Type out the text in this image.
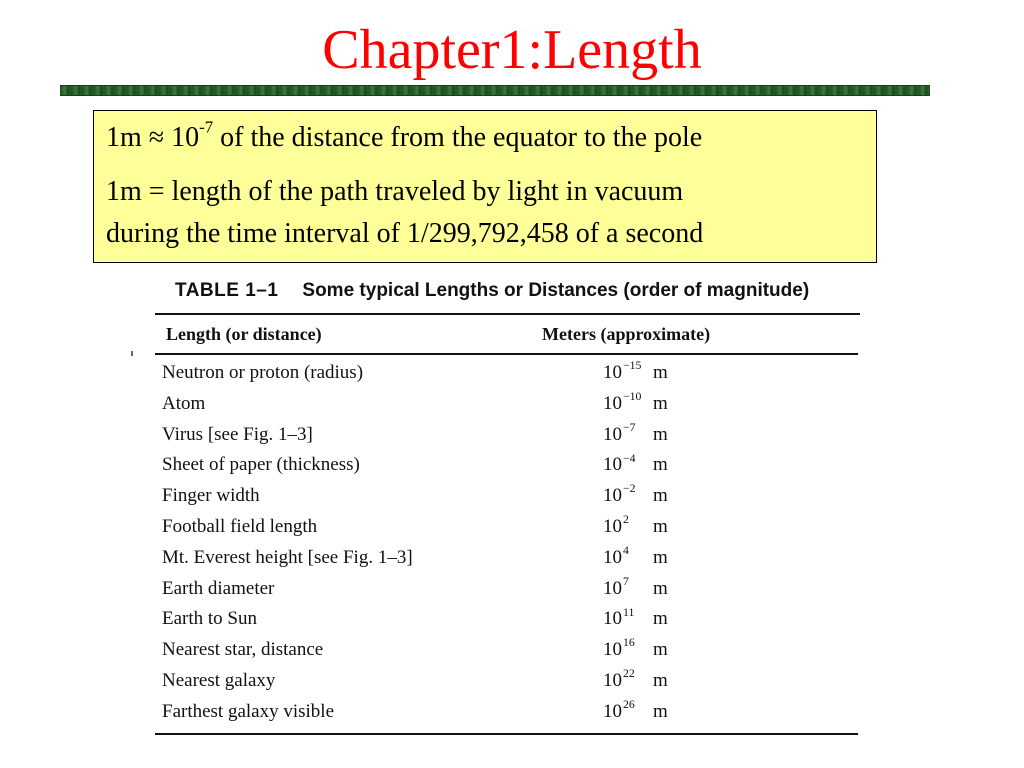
Chapter1:Length

$1m \approx 10^{-7}$ of the distance from the equator to the pole

1m = length of the path traveled by light in vacuum
during the time interval of 1/299,792,458 of a second

TABLE 1–1 Some typical Lengths or Distances (order of magnitude)
Length (or distance)	Meters (approximate)
Neutron or proton (radius)	$10^{-15}$ m
Atom	$10^{-10}$ m
Virus [see Fig. 1–3]	$10^{-7}$ m
Sheet of paper (thickness)	$10^{-4}$ m
Finger width	$10^{-2}$ m
Football field length	$10^2$ m
Mt. Everest height [see Fig. 1–3]	$10^4$ m
Earth diameter	$10^7$ m
Earth to Sun	$10^{11}$ m
Nearest star, distance	$10^{16}$ m
Nearest galaxy	$10^{22}$ m
Farthest galaxy visible	$10^{26}$ m
